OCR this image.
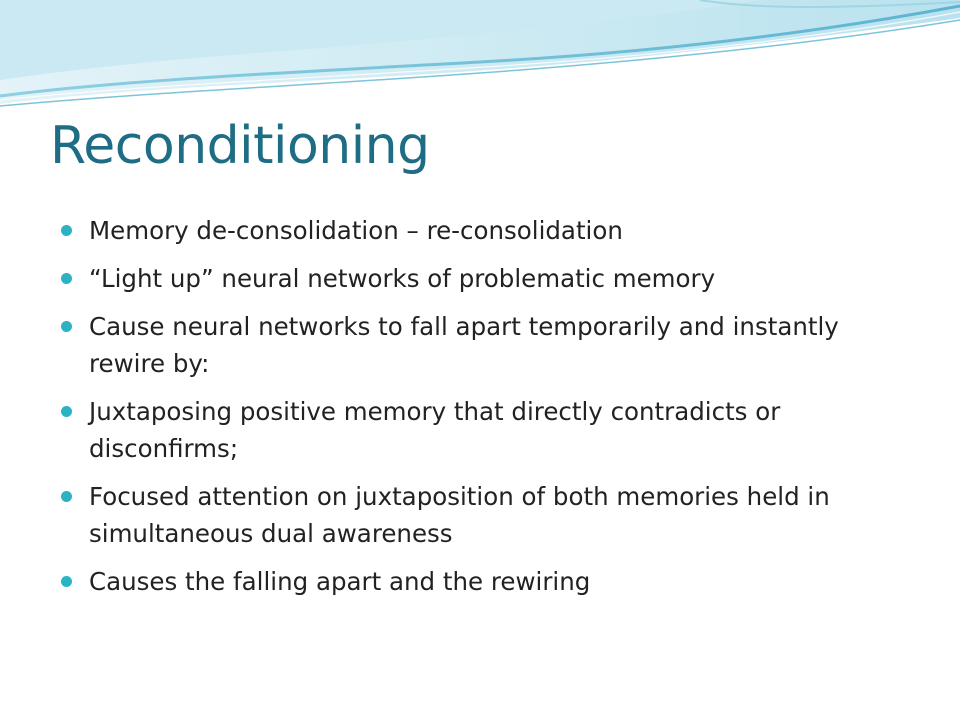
Reconditioning
Memory de-consolidation – re-consolidation
“Light up” neural networks of problematic memory
Cause neural networks to fall apart temporarily and instantly rewire by:
Juxtaposing positive memory that directly contradicts or disconfirms;
Focused attention on juxtaposition of both memories held in simultaneous dual awareness
Causes the falling apart and the rewiring
